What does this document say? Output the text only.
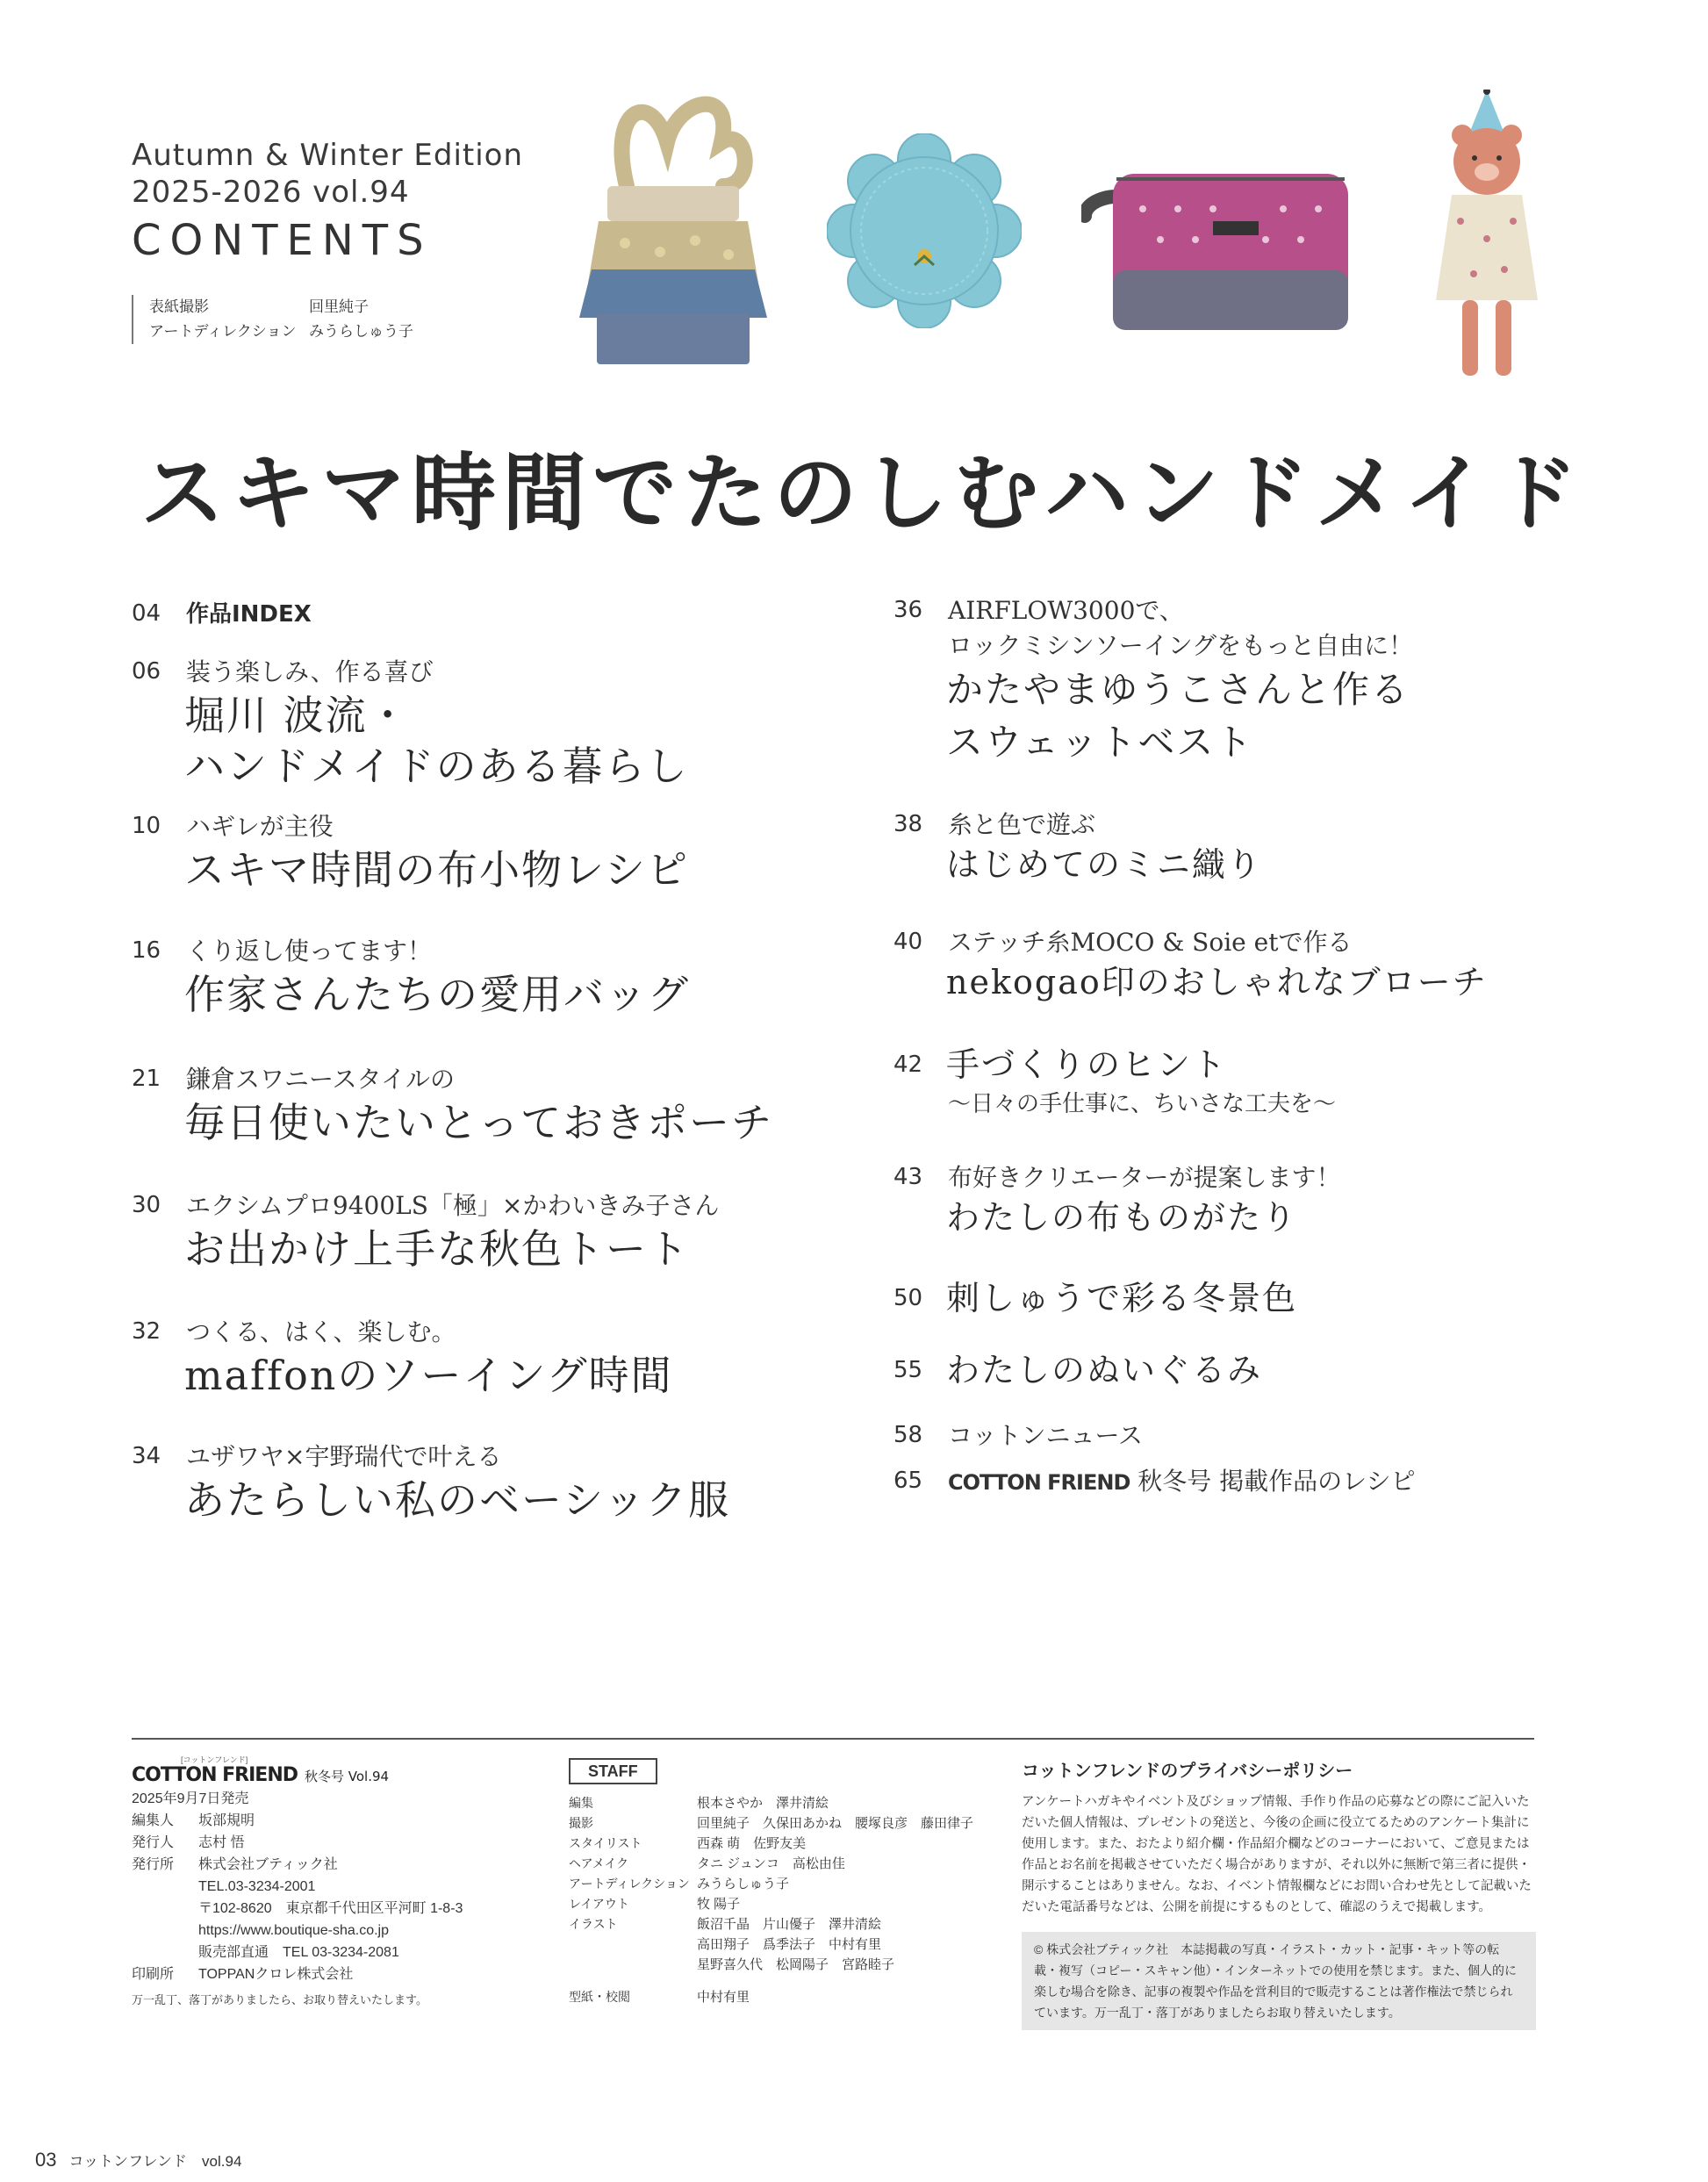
Autumn & Winter Edition
2025-2026 vol.94
CONTENTS
表紙撮影	回里純子
アートディレクション みうらしゅう子
スキマ時間でたのしむハンドメイド
04 作品INDEX
06 装う楽しみ、作る喜び
堀川 波流・
ハンドメイドのある暮らし
10 ハギレが主役
スキマ時間の布小物レシピ
16 くり返し使ってます！
作家さんたちの愛用バッグ
21 鎌倉スワニースタイルの
毎日使いたいとっておきポーチ
30 エクシムプロ9400LS「極」×かわいきみ子さん
お出かけ上手な秋色トート
32 つくる、はく、楽しむ。
maffonのソーイング時間
34 ユザワヤ×宇野瑞代で叶える
あたらしい私のベーシック服
36 AIRFLOW3000で、
ロックミシンソーイングをもっと自由に！
かたやまゆうこさんと作る
スウェットベスト
38 糸と色で遊ぶ
はじめてのミニ織り
40 ステッチ糸MOCO & Soie etで作る
nekogao印のおしゃれなブローチ
42 手づくりのヒント
～日々の手仕事に、ちいさな工夫を～
43 布好きクリエーターが提案します！
わたしの布ものがたり
50 刺しゅうで彩る冬景色
55 わたしのぬいぐるみ
58 コットンニュース
65 COTTON FRIEND 秋冬号 掲載作品のレシピ
[コットンフレンド]
COTTON FRIEND 秋冬号 Vol.94
2025年9月7日発売
編集人	坂部規明
発行人	志村 悟
発行所	株式会社ブティック社
TEL.03-3234-2001
〒102-8620　東京都千代田区平河町 1-8-3
https://www.boutique-sha.co.jp
販売部直通　TEL 03-3234-2081
印刷所	TOPPANクロレ株式会社
万一乱丁、落丁がありましたら、お取り替えいたします。
STAFF
編集	根本さやか　澤井清絵
撮影	回里純子　久保田あかね　腰塚良彦　藤田律子
スタイリスト	西森 萌　佐野友美
ヘアメイク	タニ ジュンコ　高松由佳
アートディレクション みうらしゅう子
レイアウト	牧 陽子
イラスト	飯沼千晶　片山優子　澤井清絵
高田翔子　爲季法子　中村有里
星野喜久代　松岡陽子　宮路睦子
型紙・校閲	中村有里
コットンフレンドのプライバシーポリシー
アンケートハガキやイベント及びショップ情報、手作り作品の応募などの際にご記入いただいた個人情報は、プレゼントの発送と、今後の企画に役立てるためのアンケート集計に使用します。また、おたより紹介欄・作品紹介欄などのコーナーにおいて、ご意見または作品とお名前を掲載させていただく場合がありますが、それ以外に無断で第三者に提供・開示することはありません。なお、イベント情報欄などにお問い合わせ先として記載いただいた電話番号などは、公開を前提にするものとして、確認のうえで掲載します。
© 株式会社ブティック社　本誌掲載の写真・イラスト・カット・記事・キット等の転載・複写（コピー・スキャン他）・インターネットでの使用を禁じます。また、個人的に楽しむ場合を除き、記事の複製や作品を営利目的で販売することは著作権法で禁じられています。万一乱丁・落丁がありましたらお取り替えいたします。
03 コットンフレンド　vol.94
